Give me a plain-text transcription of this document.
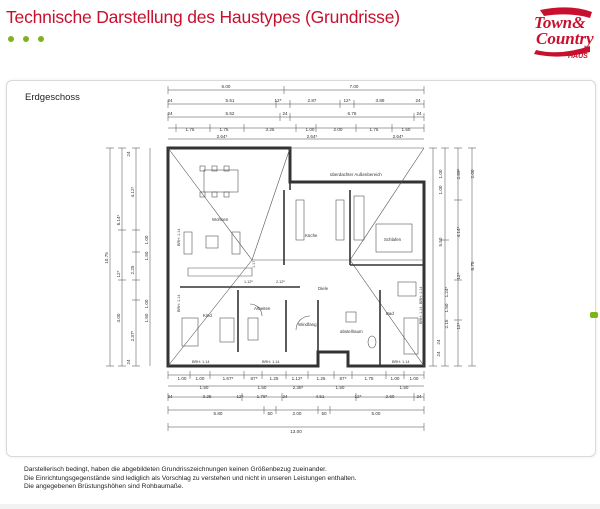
Technische Darstellung des Haustypes (Grundrisse)	Town&
Country
HAUS
Erdgeschoss
Wohnen
Küche
Schlafen
Kind
Arbeiten
Diele
Bad
Windfang
abstellraum
überdachter Außenbereich
6.00	7.00
24	5.51	12⁵	2.87	12⁵	3.89	24
24	5.52	24	6.76	24
1.75	1.75	3.25	1.00	2.00	1.75	1.50
2.64⁵	2.64⁵	2.64⁵
1.00 1.00	1.67⁵	87⁵	1.25	1.12⁵	1.25	87⁵	1.75	1.00 1.00
1.50	1.50	2.38⁵	1.50	1.50
24	3.25	12⁵	1.78⁵	24	4.51	12⁵	2.60	24
5.80	50	2.00	50	5.00
13.00
10.75
6.14⁵
4.12⁵
1.00
1.50
12⁵ 2.25
4.00
1.00
1.50
2.37⁵
24
24
1.00
1.00
2.00
5.50
4.14⁵
2.89⁵
8.75
12⁵
1.24⁵
1.50
2.15 12⁵
24
24
1.17
1.12⁵	2.12⁵
BRH: 1.14
BRH: 1.14
BRH: 1.14	BRH: 1.14	BRH: 1.14
BRH: 1.14
BRH: 1.14
Darstellerisch bedingt, haben die abgebildeten Grundrisszeichnungen keinen Größenbezug zueinander.
Die Einrichtungsgegenstände sind lediglich als Vorschlag zu verstehen und nicht in unseren Leistungen enthalten.
Die angegebenen Brüstungshöhen sind Rohbaumaße.
